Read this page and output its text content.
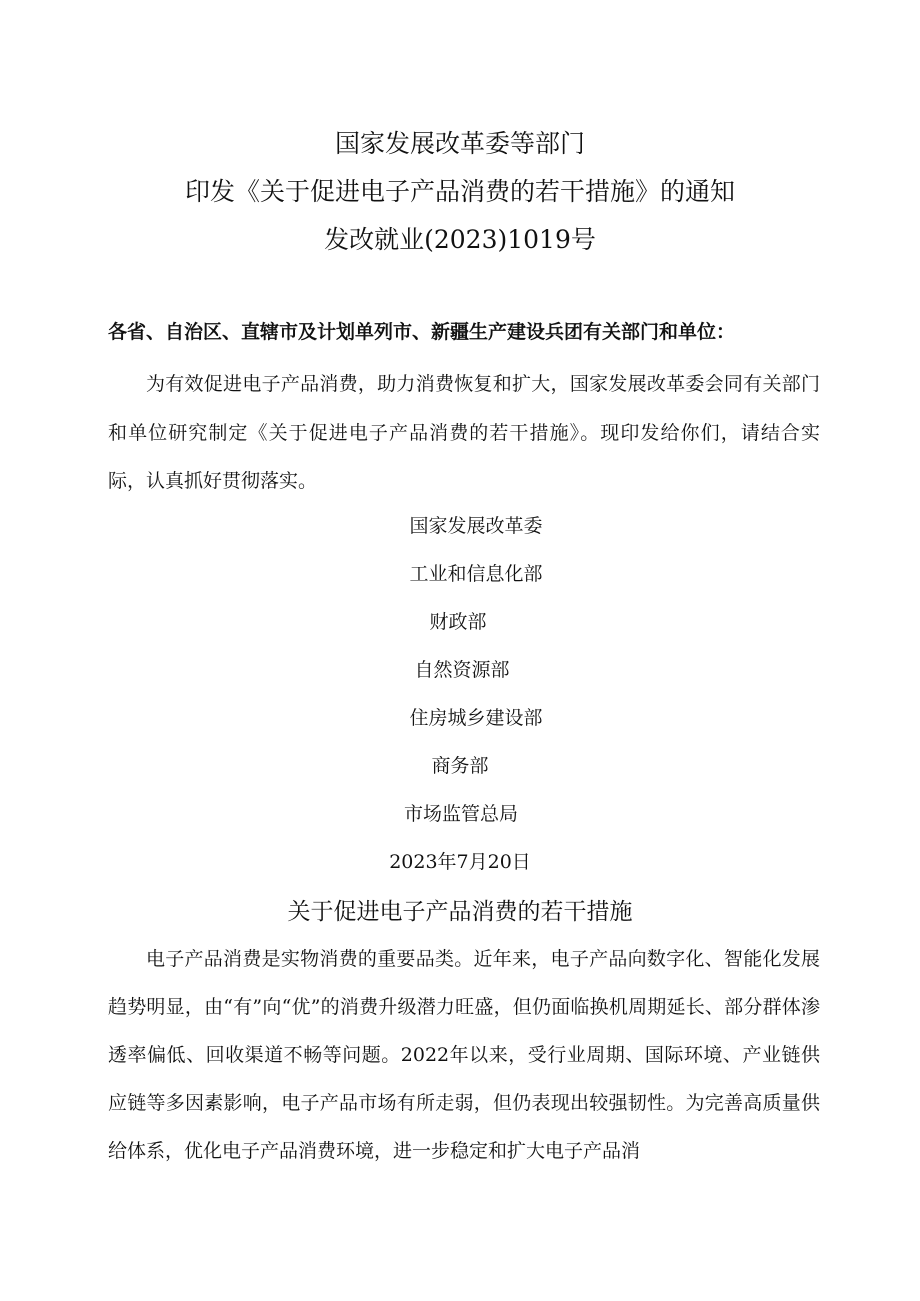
国家发展改革委等部门
印发《关于促进电子产品消费的若干措施》的通知
发改就业(2023)1019号
各省、自治区、直辖市及计划单列市、新疆生产建设兵团有关部门和单位：
为有效促进电子产品消费，助力消费恢复和扩大，国家发展改革委会同有关部门和单位研究制定《关于促进电子产品消费的若干措施》。现印发给你们，请结合实际，认真抓好贯彻落实。
国家发展改革委
工业和信息化部
财政部
自然资源部
住房城乡建设部
商务部
市场监管总局
2023年7月20日
关于促进电子产品消费的若干措施
电子产品消费是实物消费的重要品类。近年来，电子产品向数字化、智能化发展趋势明显，由“有”向“优”的消费升级潜力旺盛，但仍面临换机周期延长、部分群体渗透率偏低、回收渠道不畅等问题。2022年以来，受行业周期、国际环境、产业链供应链等多因素影响，电子产品市场有所走弱，但仍表现出较强韧性。为完善高质量供给体系，优化电子产品消费环境，进一步稳定和扩大电子产品消
